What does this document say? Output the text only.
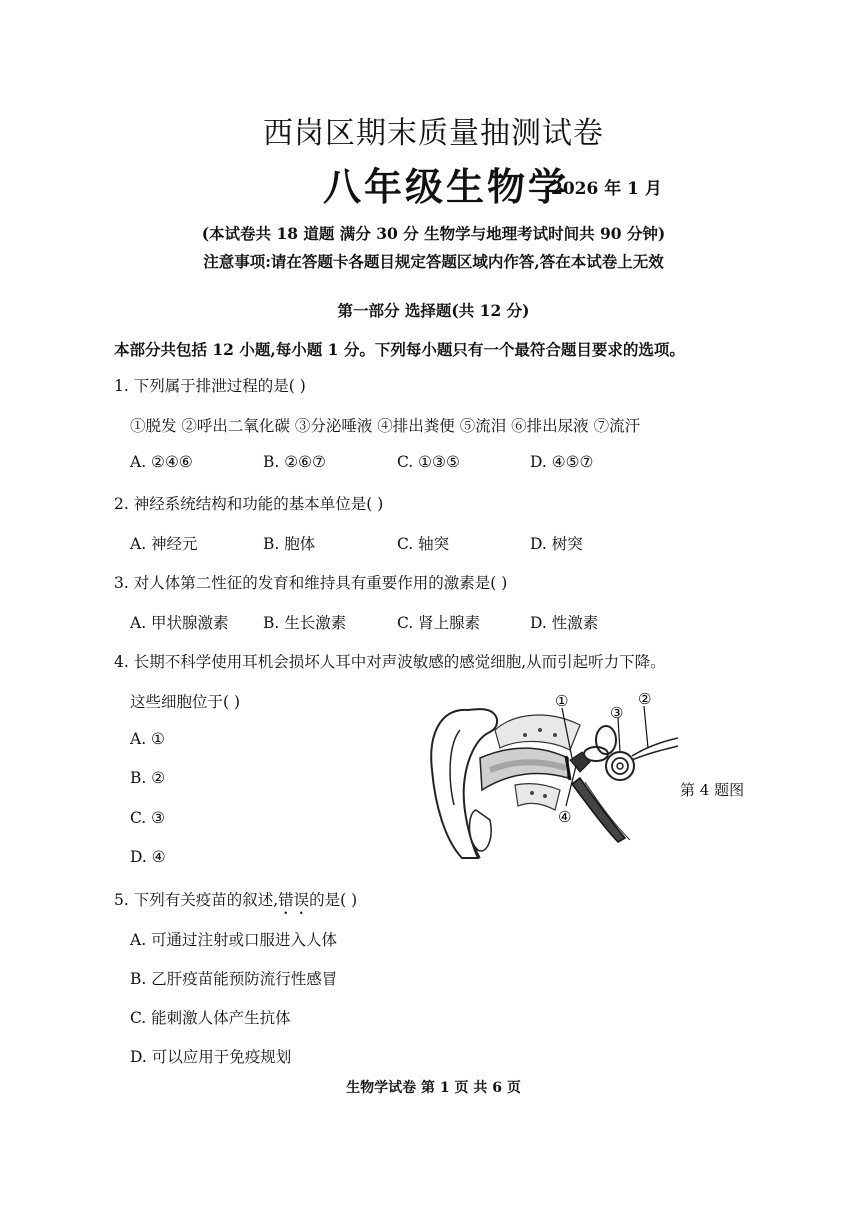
西岗区期末质量抽测试卷
八年级生物学
2026 年 1 月
(本试卷共 18 道题 满分 30 分 生物学与地理考试时间共 90 分钟)
注意事项:请在答题卡各题目规定答题区域内作答,答在本试卷上无效
第一部分 选择题(共 12 分)
本部分共包括 12 小题,每小题 1 分。下列每小题只有一个最符合题目要求的选项。
1. 下列属于排泄过程的是( )
①脱发 ②呼出二氧化碳 ③分泌唾液 ④排出粪便 ⑤流泪 ⑥排出尿液 ⑦流汗
A. ②④⑥	B. ②⑥⑦	C. ①③⑤	D. ④⑤⑦
2. 神经系统结构和功能的基本单位是( )
A. 神经元	B. 胞体	C. 轴突	D. 树突
3. 对人体第二性征的发育和维持具有重要作用的激素是( )
A. 甲状腺激素 B. 生长激素	C. 肾上腺素	D. 性激素
4. 长期不科学使用耳机会损坏人耳中对声波敏感的感觉细胞,从而引起听力下降。
这些细胞位于( )
A. ①
B. ②
C. ③
D. ④
①	②
③
④
第 4 题图
5. 下列有关疫苗的叙述,错误的是( )
A. 可通过注射或口服进入人体
B. 乙肝疫苗能预防流行性感冒
C. 能刺激人体产生抗体
D. 可以应用于免疫规划
生物学试卷 第 1 页 共 6 页
